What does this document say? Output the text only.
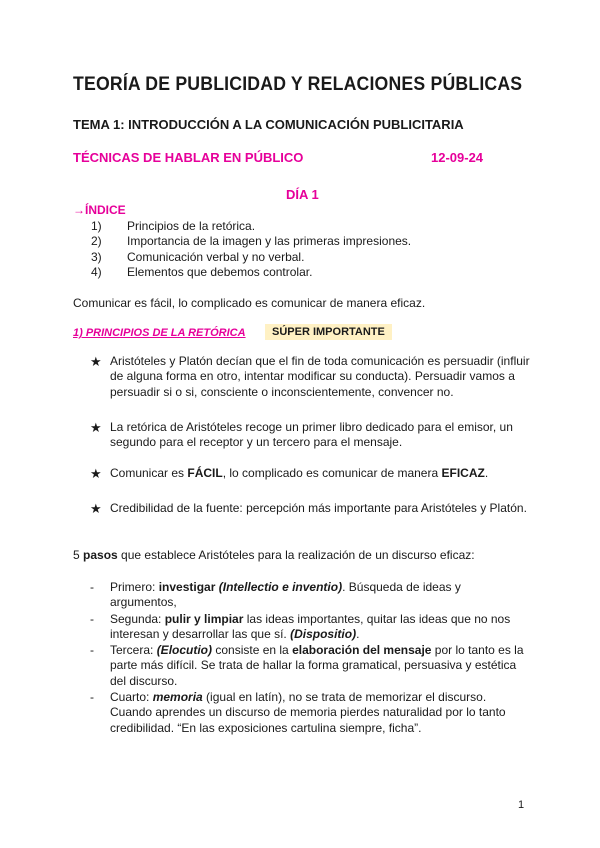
TEORÍA DE PUBLICIDAD Y RELACIONES PÚBLICAS
TEMA 1: INTRODUCCIÓN A LA COMUNICACIÓN PUBLICITARIA
TÉCNICAS DE HABLAR EN PÚBLICO	12-09-24
DÍA 1
→ÍNDICE
1) Principios de la retórica.
2) Importancia de la imagen y las primeras impresiones.
3) Comunicación verbal y no verbal.
4) Elementos que debemos controlar.
Comunicar es fácil, lo complicado es comunicar de manera eficaz.
1) PRINCIPIOS DE LA RETÓRICA	SÚPER IMPORTANTE
★ Aristóteles y Platón decían que el fin de toda comunicación es persuadir (influir de alguna forma en otro, intentar modificar su conducta). Persuadir vamos a persuadir si o si, consciente o inconscientemente, convencer no.
★ La retórica de Aristóteles recoge un primer libro dedicado para el emisor, un segundo para el receptor y un tercero para el mensaje.
★ Comunicar es FÁCIL, lo complicado es comunicar de manera EFICAZ.
★ Credibilidad de la fuente: percepción más importante para Aristóteles y Platón.
5 pasos que establece Aristóteles para la realización de un discurso eficaz:
- Primero: investigar (Intellectio e inventio). Búsqueda de ideas y argumentos,
- Segunda: pulir y limpiar las ideas importantes, quitar las ideas que no nos interesan y desarrollar las que sí. (Dispositio).
- Tercera: (Elocutio) consiste en la elaboración del mensaje por lo tanto es la parte más difícil. Se trata de hallar la forma gramatical, persuasiva y estética del discurso.
- Cuarto: memoria (igual en latín), no se trata de memorizar el discurso. Cuando aprendes un discurso de memoria pierdes naturalidad por lo tanto credibilidad. “En las exposiciones cartulina siempre, ficha”.
1
